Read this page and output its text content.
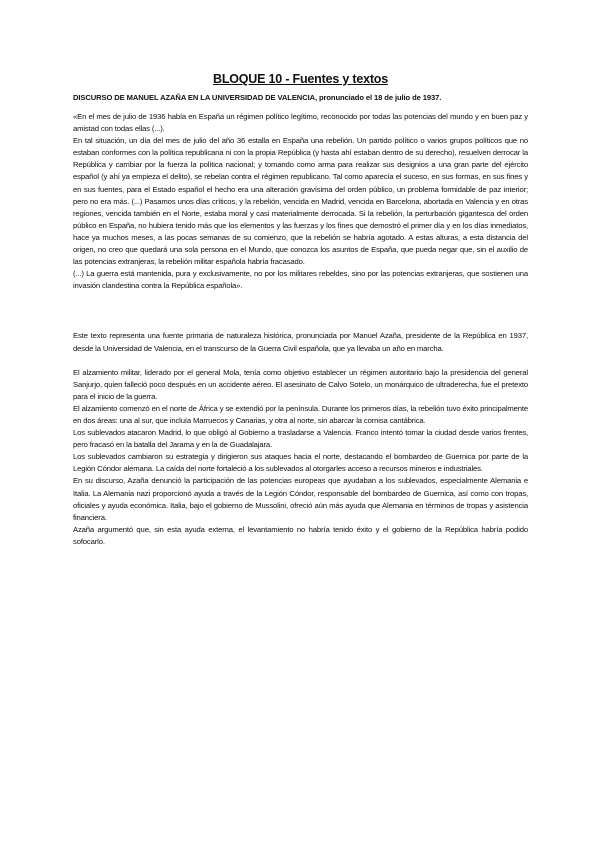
BLOQUE 10 - Fuentes y textos
DISCURSO DE MANUEL AZAÑA EN LA UNIVERSIDAD DE VALENCIA, pronunciado el 18 de julio de 1937.

«En el mes de julio de 1936 había en España un régimen político legítimo, reconocido por todas las potencias del mundo y en buen paz y amistad con todas ellas (...).

En tal situación, un día del mes de julio del año 36 estalla en España una rebelión. Un partido político o varios grupos políticos que no estaban conformes con la política republicana ni con la propia República (y hasta ahí estaban dentro de su derecho), resuelven derrocar la República y cambiar por la fuerza la política nacional; y tomando como arma para realizar sus designios a una gran parte del ejército español (y ahí ya empieza el delito), se rebelan contra el régimen republicano. Tal como aparecía el suceso, en sus formas, en sus fines y en sus fuentes, para el Estado español el hecho era una alteración gravísima del orden público, un problema formidable de paz interior; pero no era más. (...) Pasamos unos días críticos, y la rebelión, vencida en Madrid, vencida en Barcelona, abortada en Valencia y en otras regiones, vencida también en el Norte, estaba moral y casi materialmente derrocada. Si la rebelión, la perturbación gigantesca del orden público en España, no hubiera tenido más que los elementos y las fuerzas y los fines que demostró el primer día y en los días inmediatos, hace ya muchos meses, a las pocas semanas de su comienzo, que la rebelión se habría agotado. A estas alturas, a esta distancia del origen, no creo que quedará una sola persona en el Mundo, que conozca los asuntos de España, que pueda negar que, sin el auxilio de las potencias extranjeras, la rebelión militar española habría fracasado.

(...) La guerra está mantenida, pura y exclusivamente, no por los militares rebeldes, sino por las potencias extranjeras, que sostienen una invasión clandestina contra la República española».

Este texto representa una fuente primaria de naturaleza histórica, pronunciada por Manuel Azaña, presidente de la República en 1937, desde la Universidad de Valencia, en el transcurso de la Guerra Civil española, que ya llevaba un año en marcha.

El alzamiento militar, liderado por el general Mola, tenía como objetivo establecer un régimen autoritario bajo la presidencia del general Sanjurjo, quien falleció poco después en un accidente aéreo. El asesinato de Calvo Sotelo, un monárquico de ultraderecha, fue el pretexto para el inicio de la guerra.

El alzamiento comenzó en el norte de África y se extendió por la península. Durante los primeros días, la rebelión tuvo éxito principalmente en dos áreas: una al sur, que incluía Marruecos y Canarias, y otra al norte, sin abarcar la cornisa cantábrica.

Los sublevados atacaron Madrid, lo que obligó al Gobierno a trasladarse a Valencia. Franco intentó tomar la ciudad desde varios frentes, pero fracasó en la batalla del Jarama y en la de Guadalajara.

Los sublevados cambiaron su estrategia y dirigieron sus ataques hacia el norte, destacando el bombardeo de Guernica por parte de la Legión Cóndor alemana. La caída del norte fortaleció a los sublevados al otorgarles acceso a recursos mineros e industriales.

En su discurso, Azaña denunció la participación de las potencias europeas que ayudaban a los sublevados, especialmente Alemania e Italia. La Alemania nazi proporcionó ayuda a través de la Legión Cóndor, responsable del bombardeo de Guernica, así como con tropas, oficiales y ayuda económica. Italia, bajo el gobierno de Mussolini, ofreció aún más ayuda que Alemania en términos de tropas y asistencia financiera.

Azaña argumentó que, sin esta ayuda externa, el levantamiento no habría tenido éxito y el gobierno de la República habría podido sofocarlo.
